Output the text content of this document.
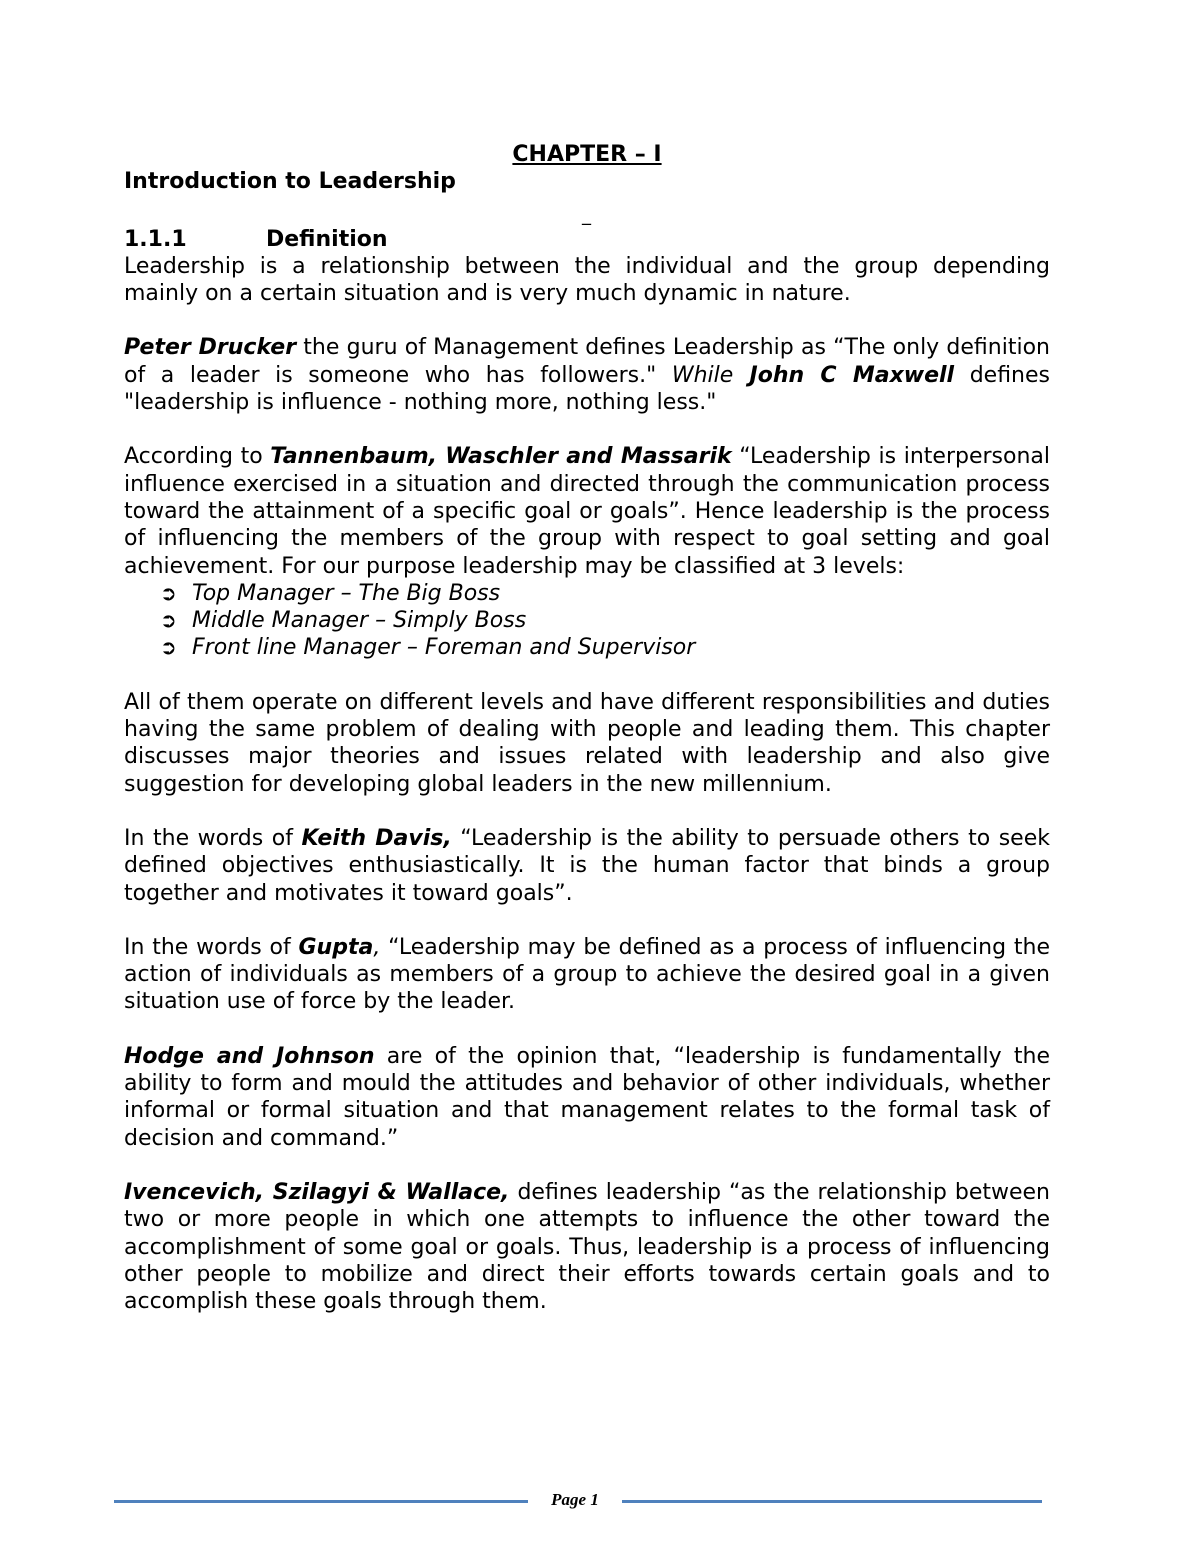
CHAPTER – I
Introduction to Leadership
1.1.1	Definition

Leadership is a relationship between the individual and the group depending mainly on a certain situation and is very much dynamic in nature.

Peter Drucker the guru of Management defines Leadership as “The only definition of a leader is someone who has followers." While John C Maxwell defines "leadership is influence - nothing more, nothing less."

According to Tannenbaum, Waschler and Massarik “Leadership is interpersonal influence exercised in a situation and directed through the communication process toward the attainment of a specific goal or goals”. Hence leadership is the process of influencing the members of the group with respect to goal setting and goal achievement. For our purpose leadership may be classified at 3 levels:

➲ Top Manager – The Big Boss
➲ Middle Manager – Simply Boss
➲ Front line Manager – Foreman and Supervisor

All of them operate on different levels and have different responsibilities and duties having the same problem of dealing with people and leading them. This chapter discusses major theories and issues related with leadership and also give suggestion for developing global leaders in the new millennium.

In the words of Keith Davis, “Leadership is the ability to persuade others to seek defined objectives enthusiastically. It is the human factor that binds a group together and motivates it toward goals”.

In the words of Gupta, “Leadership may be defined as a process of influencing the action of individuals as members of a group to achieve the desired goal in a given situation use of force by the leader.

Hodge and Johnson are of the opinion that, “leadership is fundamentally the ability to form and mould the attitudes and behavior of other individuals, whether informal or formal situation and that management relates to the formal task of decision and command.”

Ivencevich, Szilagyi & Wallace, defines leadership “as the relationship between two or more people in which one attempts to influence the other toward the accomplishment of some goal or goals. Thus, leadership is a process of influencing other people to mobilize and direct their efforts towards certain goals and to accomplish these goals through them.

_
Page 1
